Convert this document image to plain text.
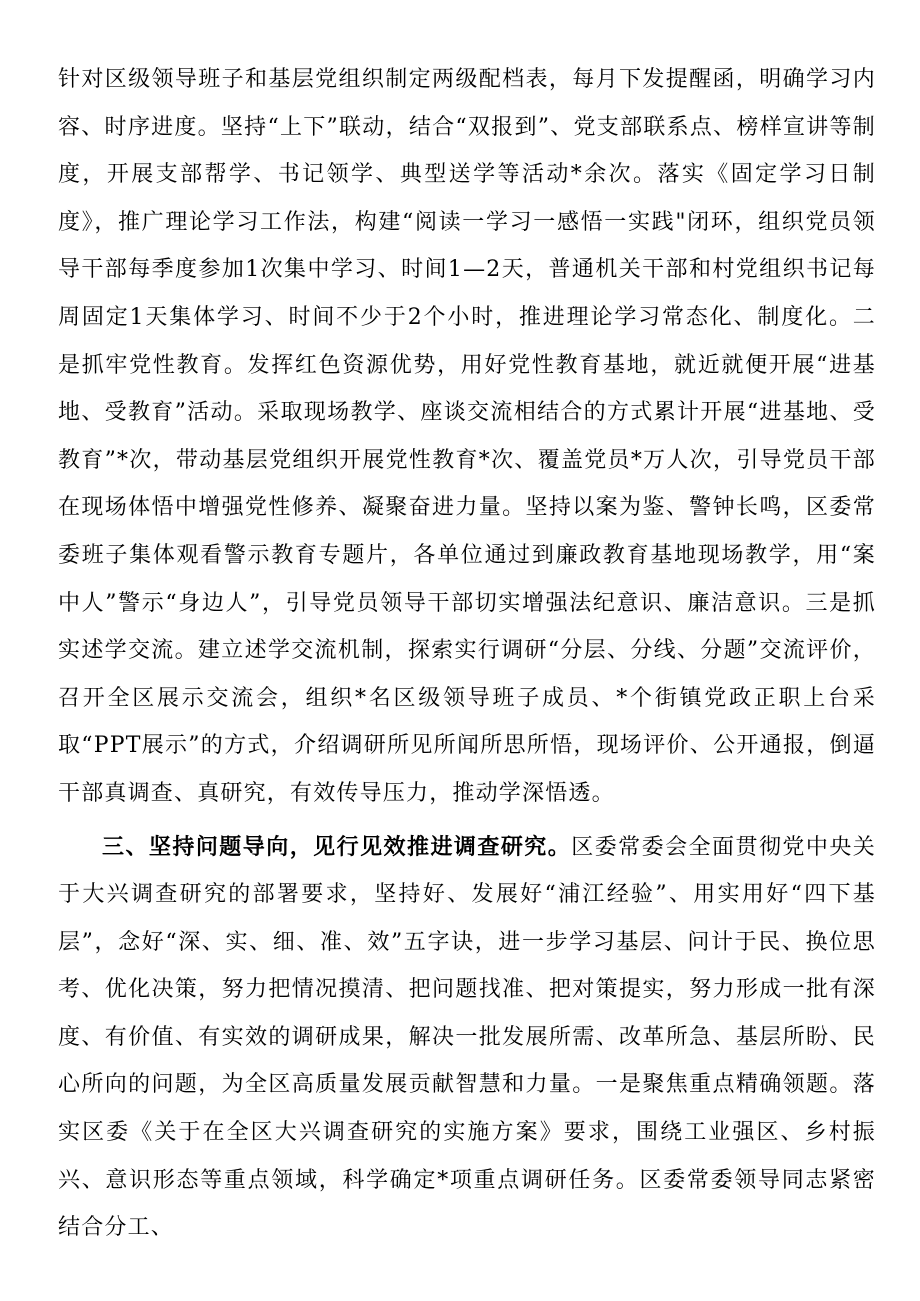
针对区级领导班子和基层党组织制定两级配档表，每月下发提醒函，明确学习内容、时序进度。坚持“上下”联动，结合“双报到”、党支部联系点、榜样宣讲等制度，开展支部帮学、书记领学、典型送学等活动*余次。落实《固定学习日制度》，推广理论学习工作法，构建“阅读一学习一感悟一实践"闭环，组织党员领导干部每季度参加1次集中学习、时间1—2天，普通机关干部和村党组织书记每周固定1天集体学习、时间不少于2个小时，推进理论学习常态化、制度化。二是抓牢党性教育。发挥红色资源优势，用好党性教育基地，就近就便开展“进基地、受教育”活动。采取现场教学、座谈交流相结合的方式累计开展“进基地、受教育”*次，带动基层党组织开展党性教育*次、覆盖党员*万人次，引导党员干部在现场体悟中增强党性修养、凝聚奋进力量。坚持以案为鉴、警钟长鸣，区委常委班子集体观看警示教育专题片，各单位通过到廉政教育基地现场教学，用“案中人”警示“身边人”，引导党员领导干部切实增强法纪意识、廉洁意识。三是抓实述学交流。建立述学交流机制，探索实行调研“分层、分线、分题”交流评价，召开全区展示交流会，组织*名区级领导班子成员、*个街镇党政正职上台采取“PPT展示”的方式，介绍调研所见所闻所思所悟，现场评价、公开通报，倒逼干部真调查、真研究，有效传导压力，推动学深悟透。

三、坚持问题导向，见行见效推进调查研究。区委常委会全面贯彻党中央关于大兴调查研究的部署要求，坚持好、发展好“浦江经验”、用实用好“四下基层”，念好“深、实、细、准、效”五字诀，进一步学习基层、问计于民、换位思考、优化决策，努力把情况摸清、把问题找准、把对策提实，努力形成一批有深度、有价值、有实效的调研成果，解决一批发展所需、改革所急、基层所盼、民心所向的问题，为全区高质量发展贡献智慧和力量。一是聚焦重点精确领题。落实区委《关于在全区大兴调查研究的实施方案》要求，围绕工业强区、乡村振兴、意识形态等重点领域，科学确定*项重点调研任务。区委常委领导同志紧密结合分工、
